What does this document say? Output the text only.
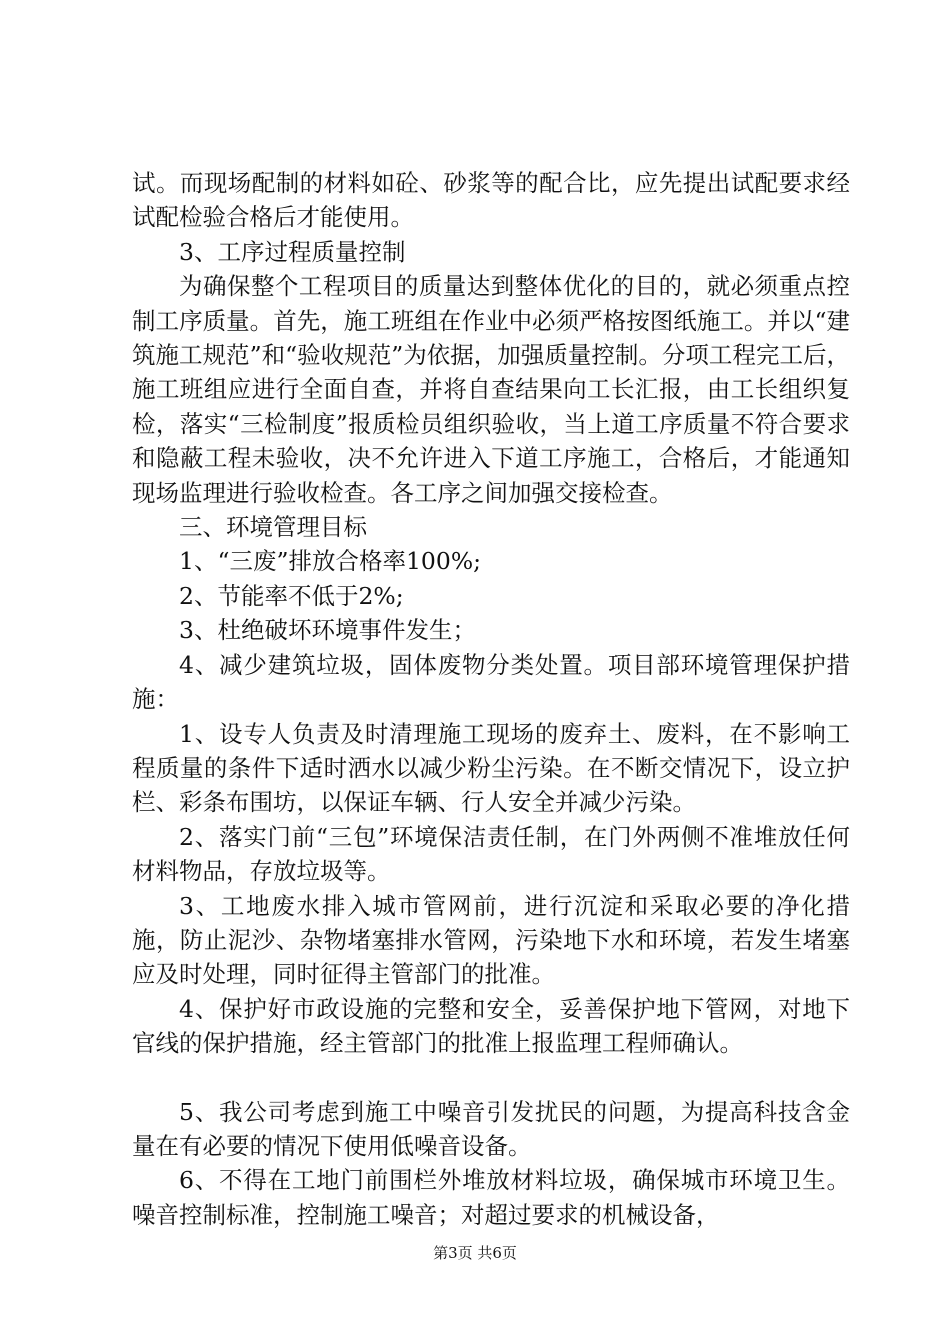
试。而现场配制的材料如砼、砂浆等的配合比，应先提出试配要求经试配检验合格后才能使用。

3、工序过程质量控制

为确保整个工程项目的质量达到整体优化的目的，就必须重点控制工序质量。首先，施工班组在作业中必须严格按图纸施工。并以“建筑施工规范”和“验收规范”为依据，加强质量控制。分项工程完工后，施工班组应进行全面自查，并将自查结果向工长汇报，由工长组织复检，落实“三检制度”报质检员组织验收，当上道工序质量不符合要求和隐蔽工程未验收，决不允许进入下道工序施工，合格后，才能通知现场监理进行验收检查。各工序之间加强交接检查。

三、环境管理目标

1、“三废”排放合格率100%;

2、节能率不低于2%;

3、杜绝破坏环境事件发生；

4、减少建筑垃圾，固体废物分类处置。项目部环境管理保护措施：

1、设专人负责及时清理施工现场的废弃土、废料，在不影响工程质量的条件下适时洒水以减少粉尘污染。在不断交情况下，设立护栏、彩条布围坊，以保证车辆、行人安全并减少污染。

2、落实门前“三包”环境保洁责任制，在门外两侧不准堆放任何材料物品，存放垃圾等。

3、工地废水排入城市管网前，进行沉淀和采取必要的净化措施，防止泥沙、杂物堵塞排水管网，污染地下水和环境，若发生堵塞应及时处理，同时征得主管部门的批准。

4、保护好市政设施的完整和安全，妥善保护地下管网，对地下官线的保护措施，经主管部门的批准上报监理工程师确认。

5、我公司考虑到施工中噪音引发扰民的问题，为提高科技含金量在有必要的情况下使用低噪音设备。

6、不得在工地门前围栏外堆放材料垃圾，确保城市环境卫生。噪音控制标准，控制施工噪音；对超过要求的机械设备，

第3页 共6页
